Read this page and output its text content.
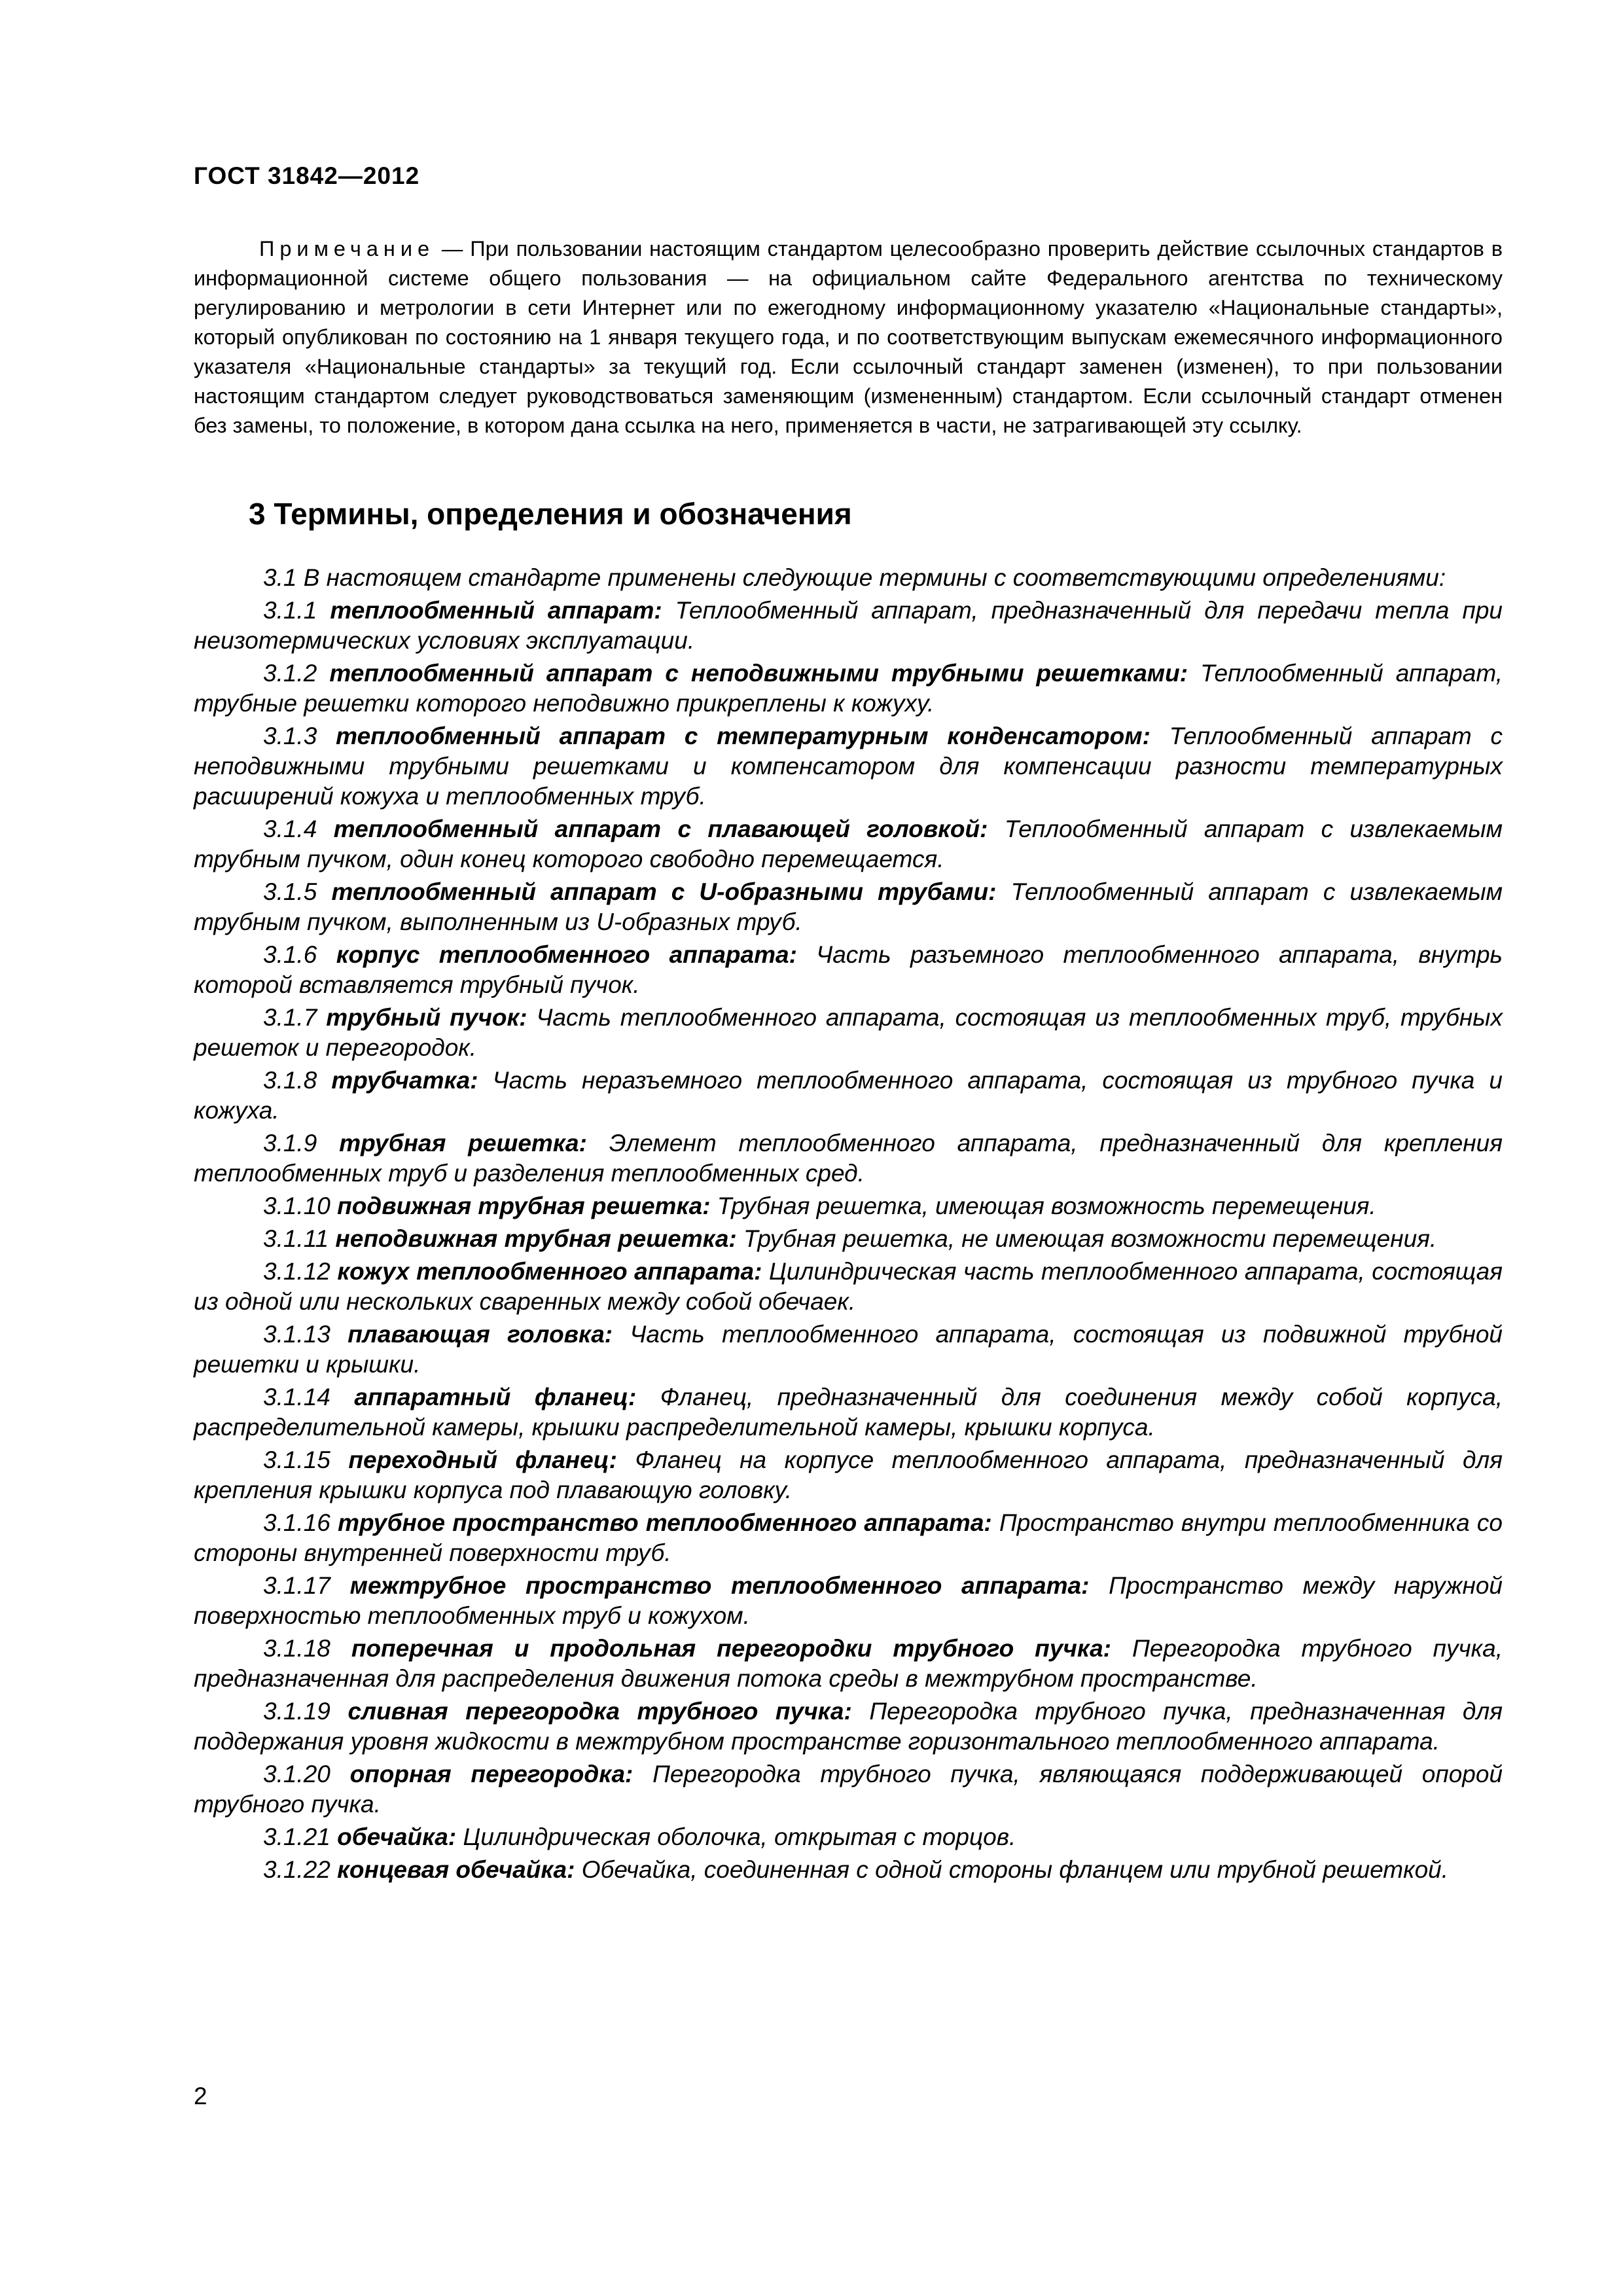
ГОСТ 31842—2012

Примечание — При пользовании настоящим стандартом целесообразно проверить действие ссылочных стандартов в информационной системе общего пользования — на официальном сайте Федерального агентства по техническому регулированию и метрологии в сети Интернет или по ежегодному информационному указателю «Национальные стандарты», который опубликован по состоянию на 1 января текущего года, и по соответствующим выпускам ежемесячного информационного указателя «Национальные стандарты» за текущий год. Если ссылочный стандарт заменен (изменен), то при пользовании настоящим стандартом следует руководствоваться заменяющим (измененным) стандартом. Если ссылочный стандарт отменен без замены, то положение, в котором дана ссылка на него, применяется в части, не затрагивающей эту ссылку.

3 Термины, определения и обозначения

3.1 В настоящем стандарте применены следующие термины с соответствующими определениями:

3.1.1 теплообменный аппарат: Теплообменный аппарат, предназначенный для передачи тепла при неизотермических условиях эксплуатации.

3.1.2 теплообменный аппарат с неподвижными трубными решетками: Теплообменный аппарат, трубные решетки которого неподвижно прикреплены к кожуху.

3.1.3 теплообменный аппарат с температурным конденсатором: Теплообменный аппарат с неподвижными трубными решетками и компенсатором для компенсации разности температурных расширений кожуха и теплообменных труб.

3.1.4 теплообменный аппарат с плавающей головкой: Теплообменный аппарат с извлекаемым трубным пучком, один конец которого свободно перемещается.

3.1.5 теплообменный аппарат с U-образными трубами: Теплообменный аппарат с извлекаемым трубным пучком, выполненным из U-образных труб.

3.1.6 корпус теплообменного аппарата: Часть разъемного теплообменного аппарата, внутрь которой вставляется трубный пучок.

3.1.7 трубный пучок: Часть теплообменного аппарата, состоящая из теплообменных труб, трубных решеток и перегородок.

3.1.8 трубчатка: Часть неразъемного теплообменного аппарата, состоящая из трубного пучка и кожуха.

3.1.9 трубная решетка: Элемент теплообменного аппарата, предназначенный для крепления теплообменных труб и разделения теплообменных сред.

3.1.10 подвижная трубная решетка: Трубная решетка, имеющая возможность перемещения.

3.1.11 неподвижная трубная решетка: Трубная решетка, не имеющая возможности перемещения.

3.1.12 кожух теплообменного аппарата: Цилиндрическая часть теплообменного аппарата, состоящая из одной или нескольких сваренных между собой обечаек.

3.1.13 плавающая головка: Часть теплообменного аппарата, состоящая из подвижной трубной решетки и крышки.

3.1.14 аппаратный фланец: Фланец, предназначенный для соединения между собой корпуса, распределительной камеры, крышки распределительной камеры, крышки корпуса.

3.1.15 переходный фланец: Фланец на корпусе теплообменного аппарата, предназначенный для крепления крышки корпуса под плавающую головку.

3.1.16 трубное пространство теплообменного аппарата: Пространство внутри теплообменника со стороны внутренней поверхности труб.

3.1.17 межтрубное пространство теплообменного аппарата: Пространство между наружной поверхностью теплообменных труб и кожухом.

3.1.18 поперечная и продольная перегородки трубного пучка: Перегородка трубного пучка, предназначенная для распределения движения потока среды в межтрубном пространстве.

3.1.19 сливная перегородка трубного пучка: Перегородка трубного пучка, предназначенная для поддержания уровня жидкости в межтрубном пространстве горизонтального теплообменного аппарата.

3.1.20 опорная перегородка: Перегородка трубного пучка, являющаяся поддерживающей опорой трубного пучка.

3.1.21 обечайка: Цилиндрическая оболочка, открытая с торцов.

3.1.22 концевая обечайка: Обечайка, соединенная с одной стороны фланцем или трубной решеткой.

2
